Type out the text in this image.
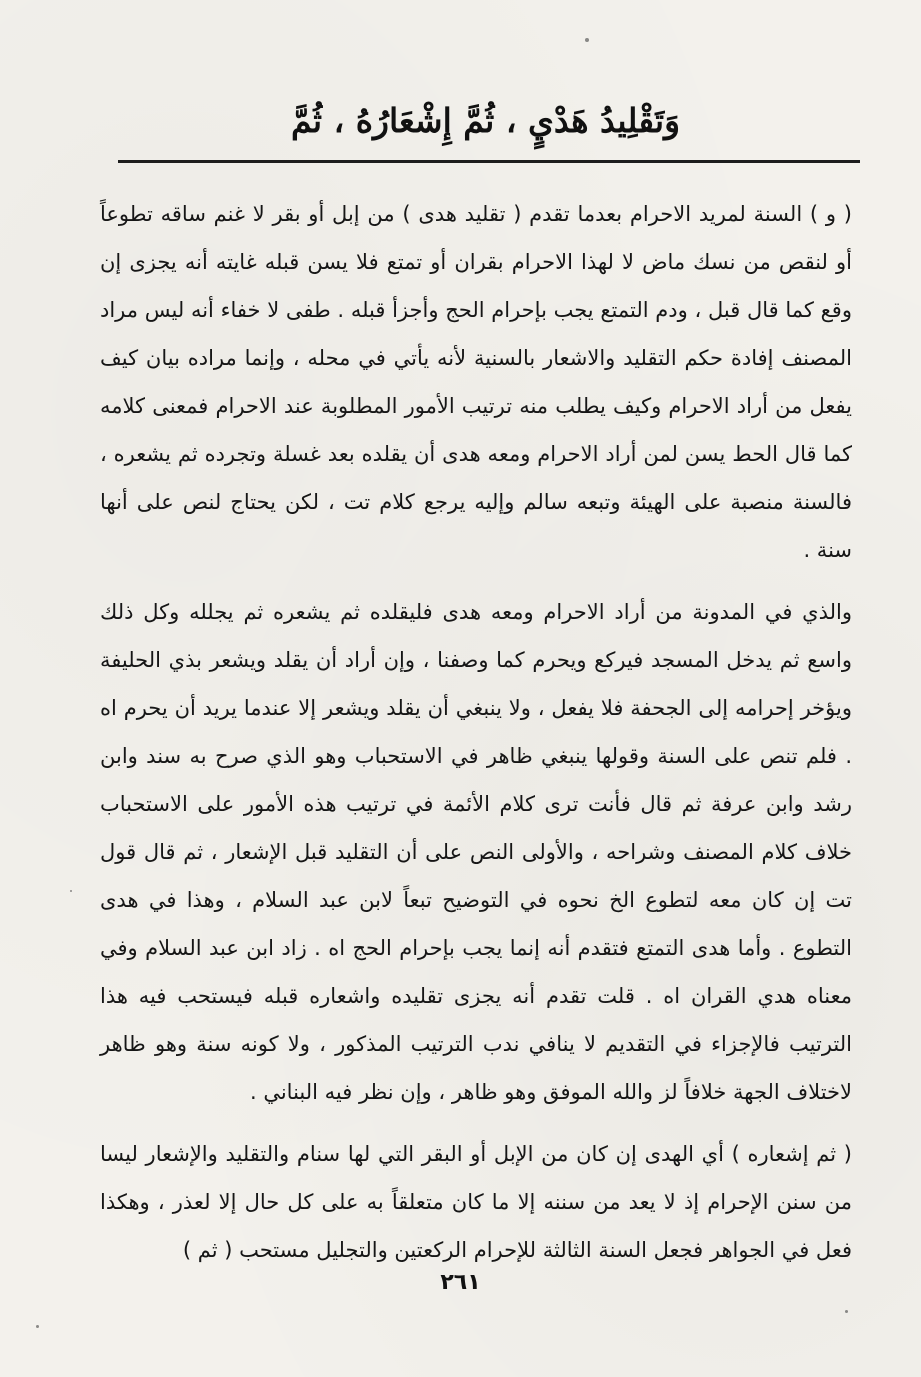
وَتَقْلِيدُ هَدْيٍ ، ثُمَّ إِشْعَارُهُ ، ثُمَّ

( و ) السنة لمريد الاحرام بعدما تقدم ( تقليد هدى ) من إبل أو بقر لا غنم ساقه تطوعاً أو لنقص من نسك ماض لا لهذا الاحرام بقران أو تمتع فلا يسن قبله غايته أنه يجزى إن وقع كما قال قبل ، ودم التمتع يجب بإحرام الحج وأجزأ قبله . طفى لا خفاء أنه ليس مراد المصنف إفادة حكم التقليد والاشعار بالسنية لأنه يأتي في محله ، وإنما مراده بيان كيف يفعل من أراد الاحرام وكيف يطلب منه ترتيب الأمور المطلوبة عند الاحرام فمعنى كلامه كما قال الحط يسن لمن أراد الاحرام ومعه هدى أن يقلده بعد غسلة وتجرده ثم يشعره ، فالسنة منصبة على الهيئة وتبعه سالم وإليه يرجع كلام تت ، لكن يحتاج لنص على أنها سنة .

والذي في المدونة من أراد الاحرام ومعه هدى فليقلده ثم يشعره ثم يجلله وكل ذلك واسع ثم يدخل المسجد فيركع ويحرم كما وصفنا ، وإن أراد أن يقلد ويشعر بذي الحليفة ويؤخر إحرامه إلى الجحفة فلا يفعل ، ولا ينبغي أن يقلد ويشعر إلا عندما يريد أن يحرم اه . فلم تنص على السنة وقولها ينبغي ظاهر في الاستحباب وهو الذي صرح به سند وابن رشد وابن عرفة ثم قال فأنت ترى كلام الأئمة في ترتيب هذه الأمور على الاستحباب خلاف كلام المصنف وشراحه ، والأولى النص على أن التقليد قبل الإشعار ، ثم قال قول تت إن كان معه لتطوع الخ نحوه في التوضيح تبعاً لابن عبد السلام ، وهذا في هدى التطوع . وأما هدى التمتع فتقدم أنه إنما يجب بإحرام الحج اه . زاد ابن عبد السلام وفي معناه هدي القران اه . قلت تقدم أنه يجزى تقليده واشعاره قبله فيستحب فيه هذا الترتيب فالإجزاء في التقديم لا ينافي ندب الترتيب المذكور ، ولا كونه سنة وهو ظاهر لاختلاف الجهة خلافاً لز والله الموفق وهو ظاهر ، وإن نظر فيه البناني .

( ثم إشعاره ) أي الهدى إن كان من الإبل أو البقر التي لها سنام والتقليد والإشعار ليسا من سنن الإحرام إذ لا يعد من سننه إلا ما كان متعلقاً به على كل حال إلا لعذر ، وهكذا فعل في الجواهر فجعل السنة الثالثة للإحرام الركعتين والتجليل مستحب ( ثم )

٢٦١
